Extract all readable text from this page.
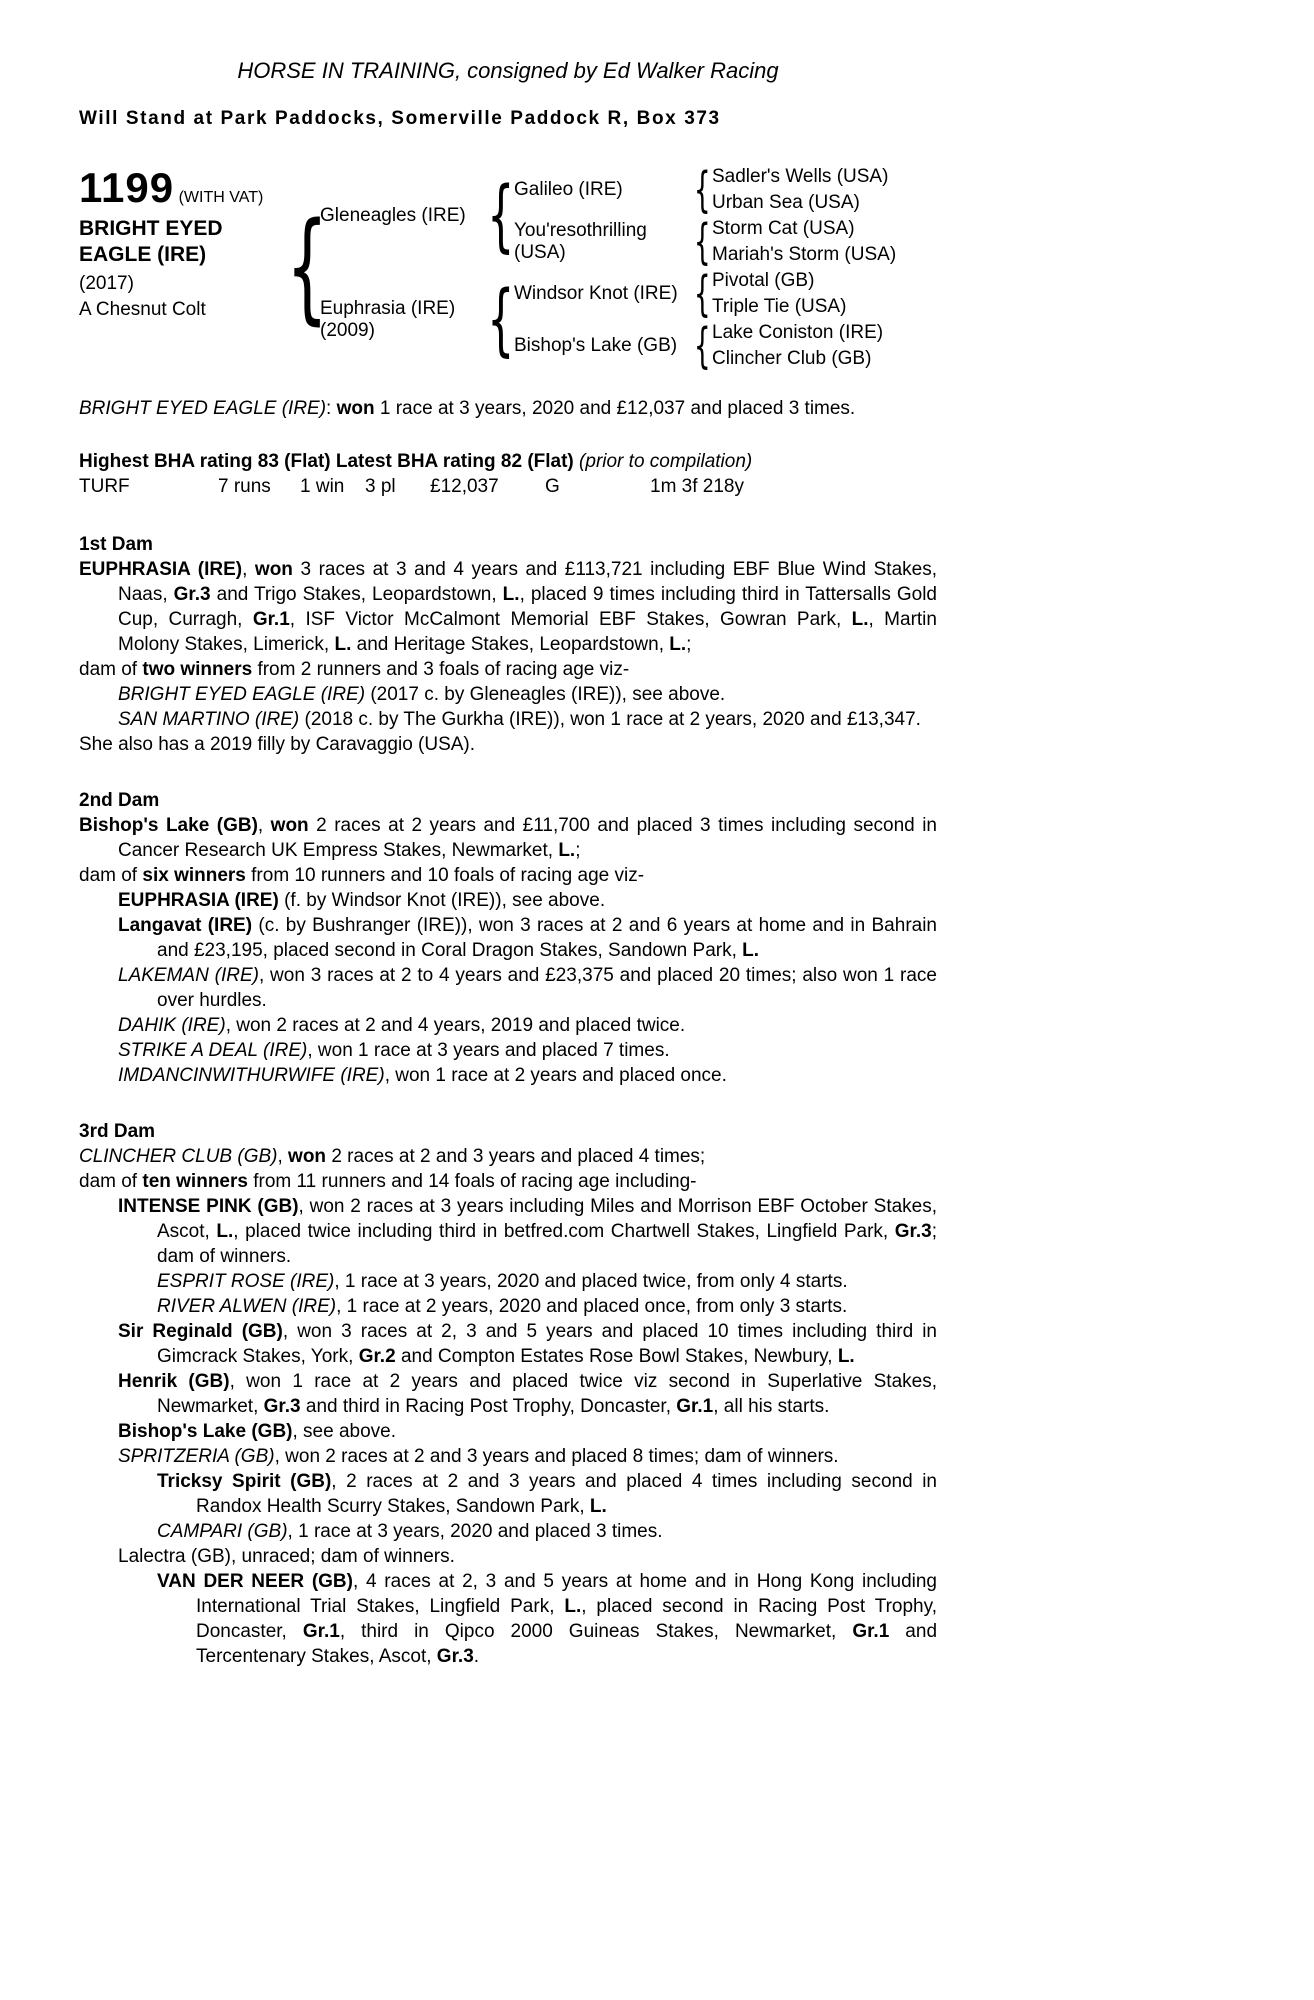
HORSE IN TRAINING, consigned by Ed Walker Racing

Will Stand at Park Paddocks, Somerville Paddock R, Box 373

1199 (WITH VAT)
BRIGHT EYED
EAGLE (IRE)
(2017)
A Chesnut Colt {
Gleneagles (IRE)
Euphrasia (IRE)
(2009)
{
{
Galileo (IRE)
You'resothrilling (USA)
Windsor Knot (IRE)
Bishop's Lake (GB)
{
{
{
{
Sadler's Wells (USA)
Urban Sea (USA)
Storm Cat (USA)
Mariah's Storm (USA)
Pivotal (GB)
Triple Tie (USA)
Lake Coniston (IRE)
Clincher Club (GB)

BRIGHT EYED EAGLE (IRE): won 1 race at 3 years, 2020 and £12,037 and placed 3 times.

Highest BHA rating 83 (Flat) Latest BHA rating 82 (Flat) (prior to compilation)

TURF	7 runs 1 win 3 pl £12,037 G	1m 3f 218y
1st Dam

EUPHRASIA (IRE), won 3 races at 3 and 4 years and £113,721 including EBF Blue Wind Stakes, Naas, Gr.3 and Trigo Stakes, Leopardstown, L., placed 9 times including third in Tattersalls Gold Cup, Curragh, Gr.1, ISF Victor McCalmont Memorial EBF Stakes, Gowran Park, L., Martin Molony Stakes, Limerick, L. and Heritage Stakes, Leopardstown, L.;

dam of two winners from 2 runners and 3 foals of racing age viz-

BRIGHT EYED EAGLE (IRE) (2017 c. by Gleneagles (IRE)), see above.

SAN MARTINO (IRE) (2018 c. by The Gurkha (IRE)), won 1 race at 2 years, 2020 and £13,347.

She also has a 2019 filly by Caravaggio (USA).

2nd Dam

Bishop's Lake (GB), won 2 races at 2 years and £11,700 and placed 3 times including second in Cancer Research UK Empress Stakes, Newmarket, L.;

dam of six winners from 10 runners and 10 foals of racing age viz-

EUPHRASIA (IRE) (f. by Windsor Knot (IRE)), see above.

Langavat (IRE) (c. by Bushranger (IRE)), won 3 races at 2 and 6 years at home and in Bahrain and £23,195, placed second in Coral Dragon Stakes, Sandown Park, L.

LAKEMAN (IRE), won 3 races at 2 to 4 years and £23,375 and placed 20 times; also won 1 race over hurdles.

DAHIK (IRE), won 2 races at 2 and 4 years, 2019 and placed twice.

STRIKE A DEAL (IRE), won 1 race at 3 years and placed 7 times.

IMDANCINWITHURWIFE (IRE), won 1 race at 2 years and placed once.

3rd Dam

CLINCHER CLUB (GB), won 2 races at 2 and 3 years and placed 4 times;

dam of ten winners from 11 runners and 14 foals of racing age including-

INTENSE PINK (GB), won 2 races at 3 years including Miles and Morrison EBF October Stakes, Ascot, L., placed twice including third in betfred.com Chartwell Stakes, Lingfield Park, Gr.3; dam of winners.

ESPRIT ROSE (IRE), 1 race at 3 years, 2020 and placed twice, from only 4 starts.

RIVER ALWEN (IRE), 1 race at 2 years, 2020 and placed once, from only 3 starts.

Sir Reginald (GB), won 3 races at 2, 3 and 5 years and placed 10 times including third in Gimcrack Stakes, York, Gr.2 and Compton Estates Rose Bowl Stakes, Newbury, L.

Henrik (GB), won 1 race at 2 years and placed twice viz second in Superlative Stakes, Newmarket, Gr.3 and third in Racing Post Trophy, Doncaster, Gr.1, all his starts.

Bishop's Lake (GB), see above.

SPRITZERIA (GB), won 2 races at 2 and 3 years and placed 8 times; dam of winners.

Tricksy Spirit (GB), 2 races at 2 and 3 years and placed 4 times including second in Randox Health Scurry Stakes, Sandown Park, L.

CAMPARI (GB), 1 race at 3 years, 2020 and placed 3 times.

Lalectra (GB), unraced; dam of winners.

VAN DER NEER (GB), 4 races at 2, 3 and 5 years at home and in Hong Kong including International Trial Stakes, Lingfield Park, L., placed second in Racing Post Trophy, Doncaster, Gr.1, third in Qipco 2000 Guineas Stakes, Newmarket, Gr.1 and Tercentenary Stakes, Ascot, Gr.3.
